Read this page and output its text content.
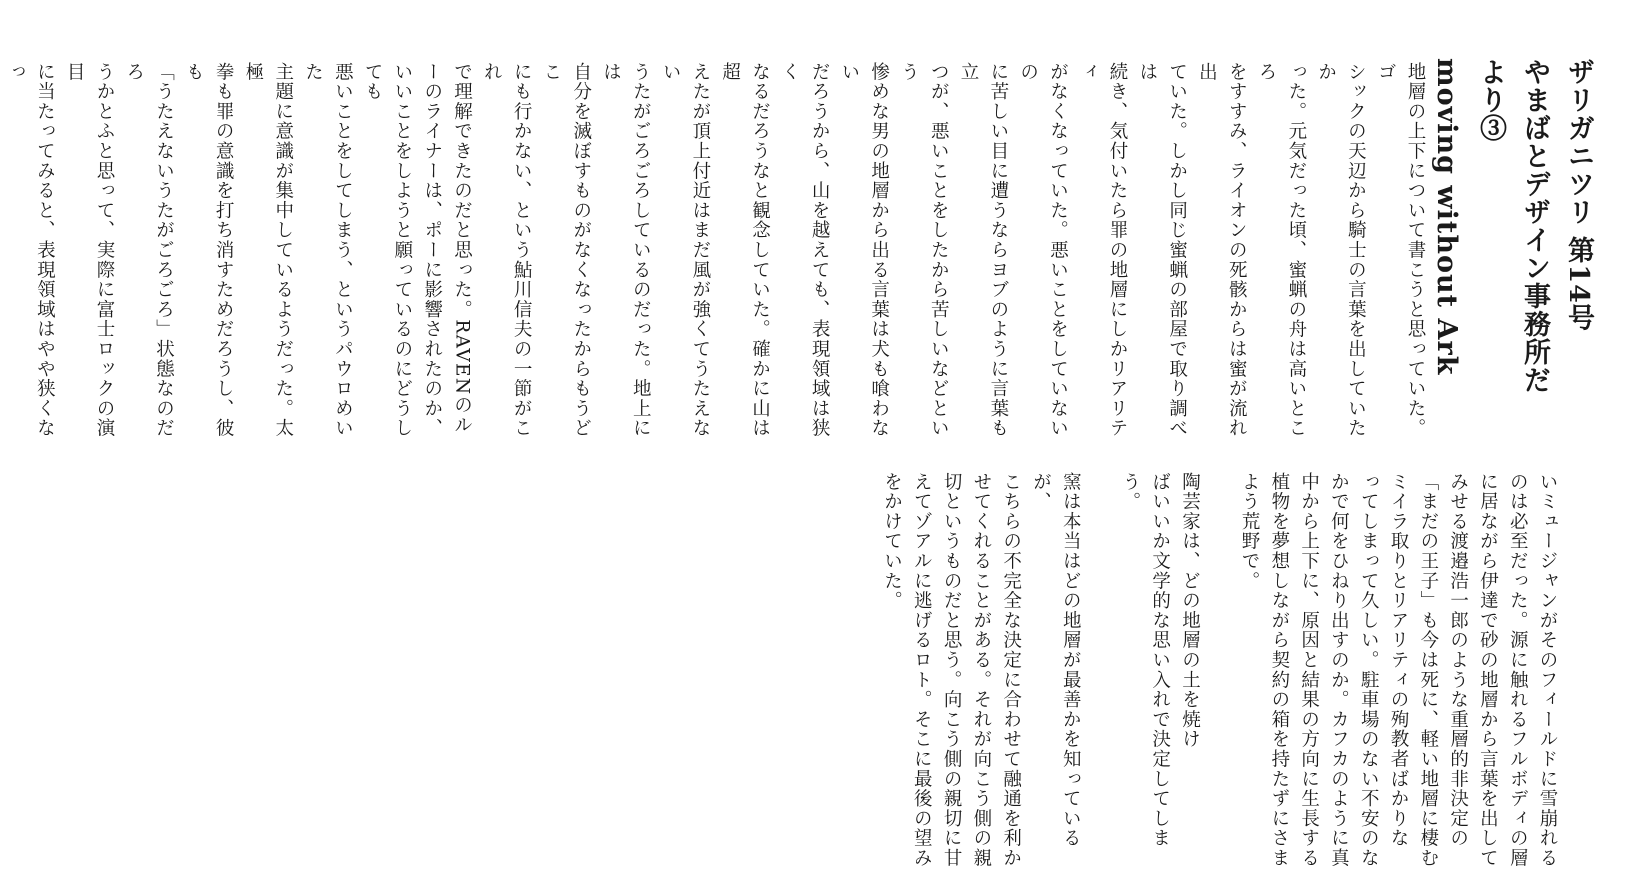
ザリガニツリ 第14号
やまばとデザイン事務所だより③
moving without Ark
地層の上下について書こうと思っていた。ゴ
シックの天辺から騎士の言葉を出していたか
った。元気だった頃、蜜蝋の舟は高いところ
をすすみ、ライオンの死骸からは蜜が流れ出
ていた。しかし同じ蜜蝋の部屋で取り調べは
続き、気付いたら罪の地層にしかリアリティ
がなくなっていた。悪いことをしていないの
に苦しい目に遭うならヨブのように言葉も立
つが、悪いことをしたから苦しいなどという
惨めな男の地層から出る言葉は犬も喰わない
だろうから、山を越えても、表現領域は狭く
なるだろうなと観念していた。確かに山は超
えたが頂上付近はまだ風が強くてうたえない
うたがごろごろしているのだった。地上には
自分を滅ぼすものがなくなったからもうどこ
にも行かない、という鮎川信夫の一節がこれ
で理解できたのだと思った。RAVENのル
ーのライナーは、ポーに影響されたのか、
いいことをしようと願っているのにどうしても
悪いことをしてしまう、というパウロめいた
主題に意識が集中しているようだった。太極
拳も罪の意識を打ち消すためだろうし、彼も
「うたえないうたがごろごろ」状態なのだろ
うかとふと思って、実際に富士ロックの演目
に当たってみると、表現領域はやや狭くなっ
いミュージャンがそのフィールドに雪崩れる
のは必至だった。源に触れるフルボディの層
に居ながら伊達で砂の地層から言葉を出して
みせる渡邉浩一郎のような重層的非決定の
「まだの王子」も今は死に、軽い地層に棲む
ミイラ取りとリアリティの殉教者ばかりな
ってしまって久しい。駐車場のない不安のな
かで何をひねり出すのか。カフカのように真
中から上下に、原因と結果の方向に生長する
植物を夢想しながら契約の箱を持たずにさま
よう荒野で。
陶芸家は、どの地層の土を焼け
ばいいか文学的な思い入れで決定してしまう。
窯は本当はどの地層が最善かを知っているが、
こちらの不完全な決定に合わせて融通を利か
せてくれることがある。それが向こう側の親
切というものだと思う。向こう側の親切に甘
えてゾアルに逃げるロト。そこに最後の望み
をかけていた。
